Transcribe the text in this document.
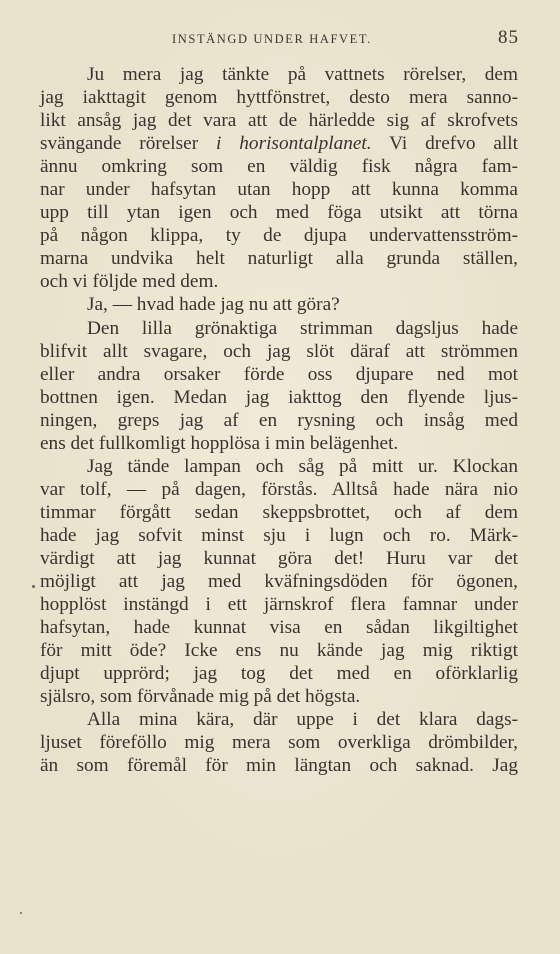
INSTÄNGD UNDER HAFVET.	85
Ju mera jag tänkte på vattnets rörelser, dem
jag iakttagit genom hyttfönstret, desto mera sanno-
likt ansåg jag det vara att de härledde sig af skrofvets
svängande rörelser i horisontalplanet. Vi drefvo allt
ännu omkring som en väldig fisk några fam-
nar under hafsytan utan hopp att kunna komma
upp till ytan igen och med föga utsikt att törna
på någon klippa, ty de djupa undervattensström-
marna undvika helt naturligt alla grunda ställen,
och vi följde med dem.
Ja, — hvad hade jag nu att göra?
Den lilla grönaktiga strimman dagsljus hade
blifvit allt svagare, och jag slöt däraf att strömmen
eller andra orsaker förde oss djupare ned mot
bottnen igen. Medan jag iakttog den flyende ljus-
ningen, greps jag af en rysning och insåg med
ens det fullkomligt hopplösa i min belägenhet.
Jag tände lampan och såg på mitt ur. Klockan
var tolf, — på dagen, förstås. Alltså hade nära nio
timmar förgått sedan skeppsbrottet, och af dem
hade jag sofvit minst sju i lugn och ro. Märk-
värdigt att jag kunnat göra det! Huru var det
möjligt att jag med kväfningsdöden för ögonen,
hopplöst instängd i ett järnskrof flera famnar under
hafsytan, hade kunnat visa en sådan likgiltighet
för mitt öde? Icke ens nu kände jag mig riktigt
djupt upprörd; jag tog det med en oförklarlig
själsro, som förvånade mig på det högsta.
Alla mina kära, där uppe i det klara dags-
ljuset föreföllo mig mera som overkliga drömbilder,
än som föremål för min längtan och saknad. Jag
